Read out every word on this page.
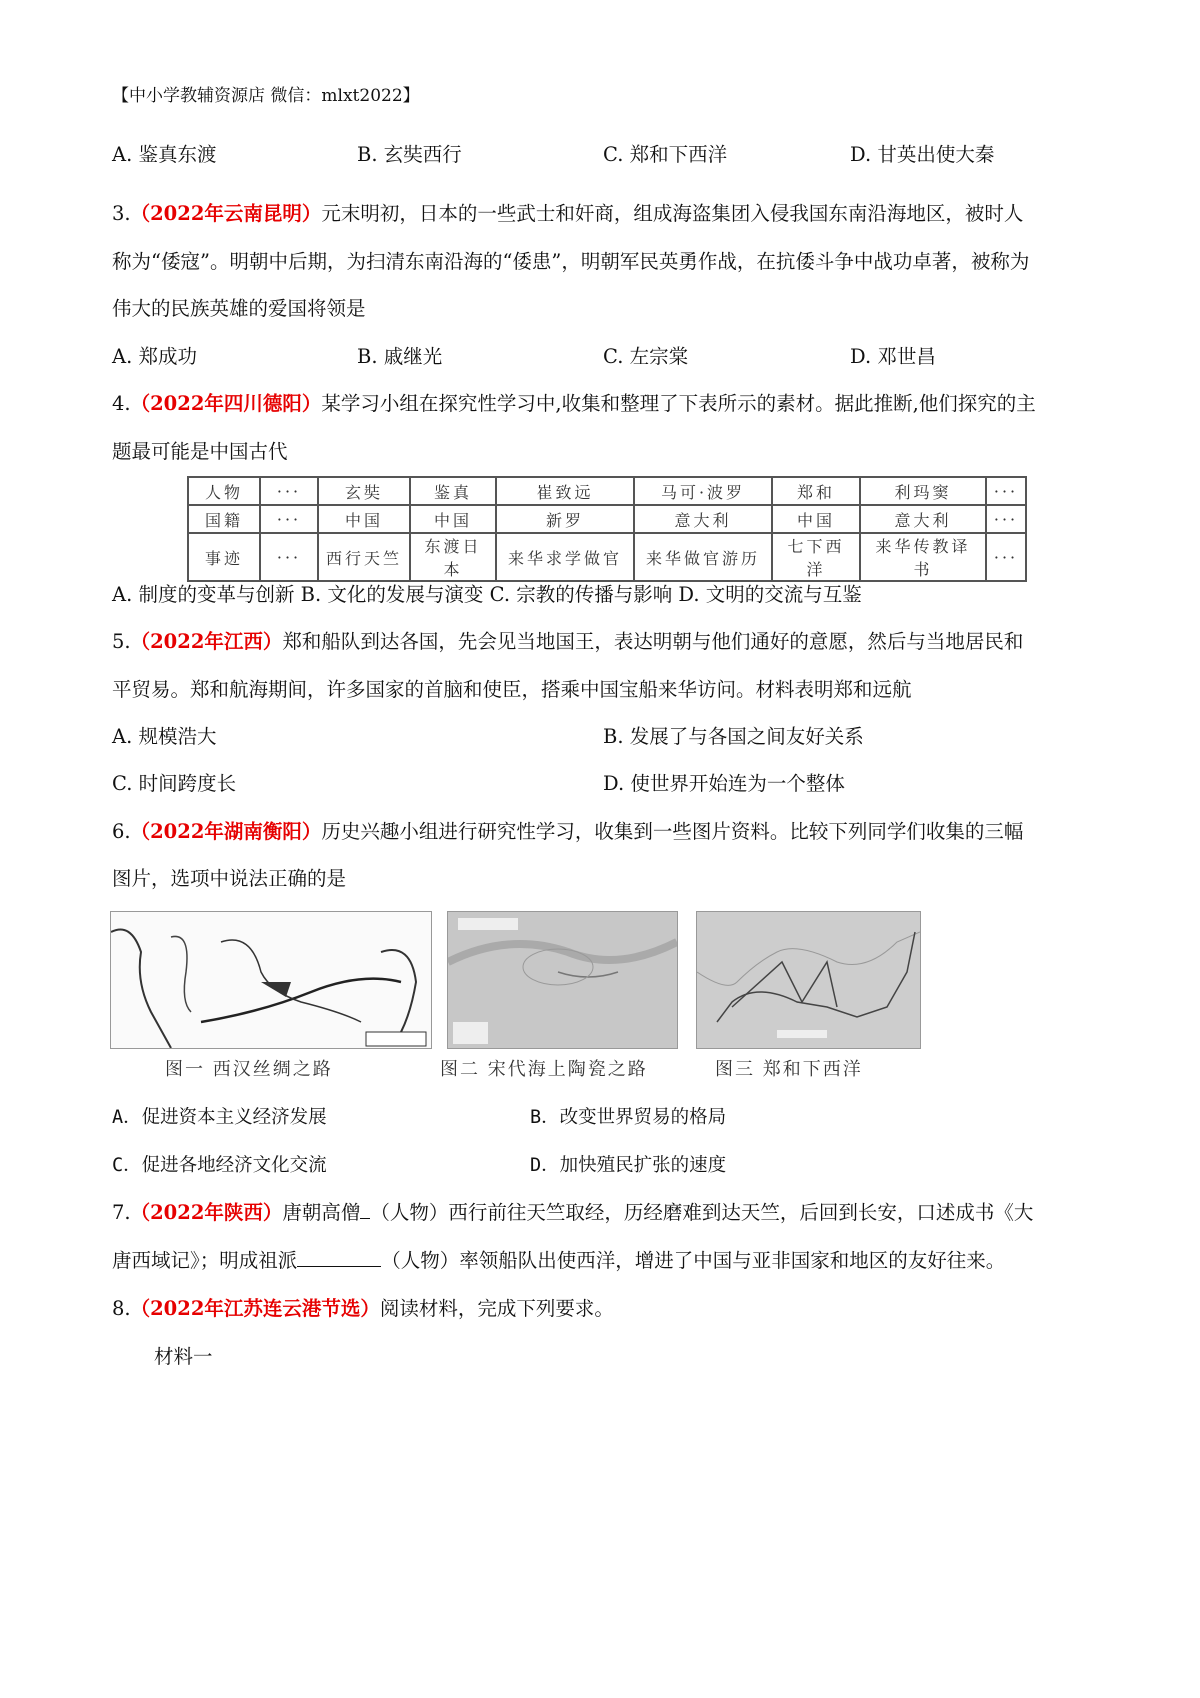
【中小学教辅资源店 微信：mlxt2022】
A. 鉴真东渡	B. 玄奘西行	C. 郑和下西洋	D. 甘英出使大秦
3.（2022年云南昆明）元末明初，日本的一些武士和奸商，组成海盗集团入侵我国东南沿海地区，被时人
称为“倭寇”。明朝中后期，为扫清东南沿海的“倭患”，明朝军民英勇作战，在抗倭斗争中战功卓著，被称为
伟大的民族英雄的爱国将领是
A. 郑成功	B. 戚继光	C. 左宗棠	D. 邓世昌
4.（2022年四川德阳）某学习小组在探究性学习中,收集和整理了下表所示的素材。据此推断,他们探究的主
题最可能是中国古代
人物	···	玄奘	鉴真	崔致远	马可·波罗	郑和	利玛窦	···
国籍	···	中国	中国	新罗	意大利	中国	意大利	···
事迹	···	西行天竺	东渡日本	来华求学做官	来华做官游历	七下西洋	来华传教译书	···
A. 制度的变革与创新 B. 文化的发展与演变 C. 宗教的传播与影响 D. 文明的交流与互鉴
5.（2022年江西）郑和船队到达各国，先会见当地国王，表达明朝与他们通好的意愿，然后与当地居民和
平贸易。郑和航海期间，许多国家的首脑和使臣，搭乘中国宝船来华访问。材料表明郑和远航
A. 规模浩大	B. 发展了与各国之间友好关系
C. 时间跨度长	D. 使世界开始连为一个整体
6.（2022年湖南衡阳）历史兴趣小组进行研究性学习，收集到一些图片资料。比较下列同学们收集的三幅
图片，选项中说法正确的是
图一 西汉丝绸之路	图二 宋代海上陶瓷之路	图三 郑和下西洋
A．促进资本主义经济发展	B．改变世界贸易的格局
C．促进各地经济文化交流	D．加快殖民扩张的速度
7.（2022年陕西）唐朝高僧 （人物）西行前往天竺取经，历经磨难到达天竺，后回到长安，口述成书《大
唐西域记》；明成祖派	（人物）率领船队出使西洋，增进了中国与亚非国家和地区的友好往来。
8.（2022年江苏连云港节选）阅读材料，完成下列要求。
材料一
